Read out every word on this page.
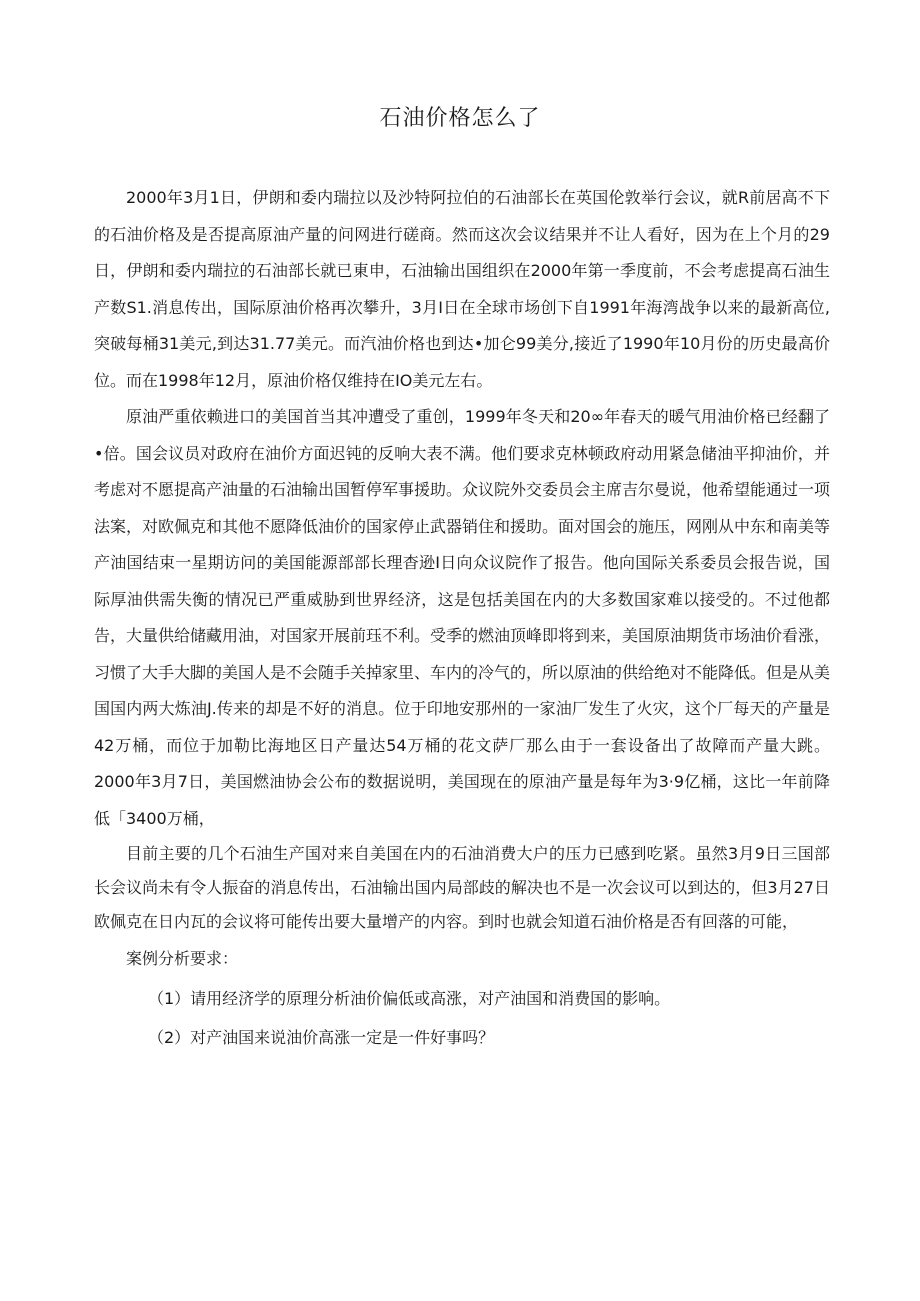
石油价格怎么了

2000年3月1日，伊朗和委内瑞拉以及沙特阿拉伯的石油部长在英国伦敦举行会议，就R前居高不下的石油价格及是否提高原油产量的问网进行磋商。然而这次会议结果并不让人看好，因为在上个月的29日，伊朗和委内瑞拉的石油部长就已東申，石油输出国组织在2000年第一季度前，不会考虑提高石油生产数S1.消息传出，国际原油价格再次攀升，3月I日在全球市场创下自1991年海湾战争以来的最新高位,突破每桶31美元,到达31.77美元。而汽油价格也到达•加仑99美分,接近了1990年10月份的历史最高价位。而在1998年12月，原油价格仅维持在IO美元左右。

原油严重依赖进口的美国首当其冲遭受了重创，1999年冬天和20∞年春天的暖气用油价格已经翻了•倍。国会议员对政府在油价方面迟钝的反响大表不满。他们要求克林顿政府动用紧急储油平抑油价，并考虑对不愿提高产油量的石油输出国暂停军事援助。众议院外交委员会主席吉尔曼说，他希望能通过一项法案，对欧佩克和其他不愿降低油价的国家停止武器销住和援助。面对国会的施压，网刚从中东和南美等产油国结束一星期访问的美国能源部部长理杳逊I日向众议院作了报告。他向国际关系委员会报告说，国际厚油供需失衡的情况已严重威胁到世界经济，这是包括美国在内的大多数国家难以接受的。不过他都告，大量供给储藏用油，对国家开展前珏不利。受季的燃油顶峰即将到来，美国原油期货市场油价看涨，习惯了大手大脚的美国人是不会随手关掉家里、车内的冷气的，所以原油的供给绝对不能降低。但是从美国国内两大炼油J.传来的却是不好的消息。位于印地安那州的一家油厂发生了火灾，这个厂每天的产量是42万桶，而位于加勒比海地区日产量达54万桶的花文萨厂那么由于一套设备出了故障而产量大跳。2000年3月7日，美国燃油协会公布的数据说明，美国现在的原油产量是每年为3·9亿桶，这比一年前降低「3400万桶，

目前主要的几个石油生产国对来自美国在内的石油消费大户的压力已感到吃紧。虽然3月9日三国部长会议尚未有令人振奋的消息传出，石油输出国内局部歧的解决也不是一次会议可以到达的，但3月27日欧佩克在日内瓦的会议将可能传出要大量增产的内容。到时也就会知道石油价格是否有回落的可能，

案例分析要求：

（1）请用经济学的原理分析油价偏低或高涨，对产油国和消费国的影响。

（2）对产油国来说油价高涨一定是一件好事吗？
